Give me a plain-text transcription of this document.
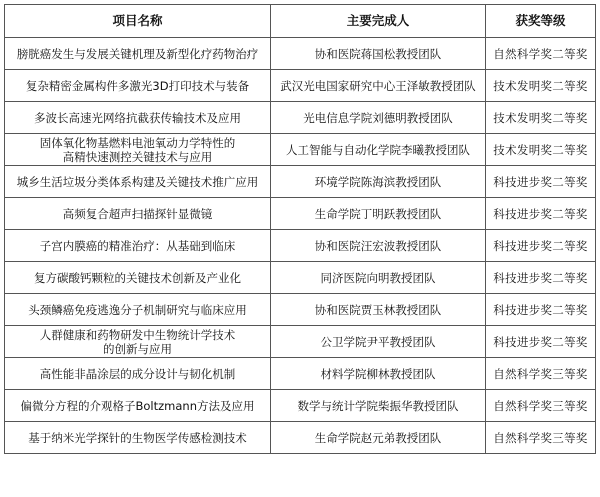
项目名称	主要完成人	获奖等级
膀胱癌发生与发展关键机理及新型化疗药物治疗	协和医院蒋国松教授团队	自然科学奖二等奖
复杂精密金属构件多激光3D打印技术与装备	武汉光电国家研究中心王泽敏教授团队	技术发明奖二等奖
多波长高速光网络抗截获传输技术及应用	光电信息学院刘德明教授团队	技术发明奖二等奖
固体氧化物基燃料电池氧动力学特性的
高精快速测控关键技术与应用	人工智能与自动化学院李曦教授团队	技术发明奖二等奖
城乡生活垃圾分类体系构建及关键技术推广应用	环境学院陈海滨教授团队	科技进步奖二等奖
高频复合超声扫描探针显微镜	生命学院丁明跃教授团队	科技进步奖二等奖
子宫内膜癌的精准治疗：从基础到临床	协和医院汪宏波教授团队	科技进步奖二等奖
复方碳酸钙颗粒的关键技术创新及产业化	同济医院向明教授团队	科技进步奖二等奖
头颈鳞癌免疫逃逸分子机制研究与临床应用	协和医院贾玉林教授团队	科技进步奖二等奖
人群健康和药物研发中生物统计学技术
的创新与应用	公卫学院尹平教授团队	科技进步奖二等奖
高性能非晶涂层的成分设计与韧化机制	材料学院柳林教授团队	自然科学奖三等奖
偏微分方程的介观格子Boltzmann方法及应用	数学与统计学院柴振华教授团队	自然科学奖三等奖
基于纳米光学探针的生物医学传感检测技术	生命学院赵元弟教授团队	自然科学奖三等奖
